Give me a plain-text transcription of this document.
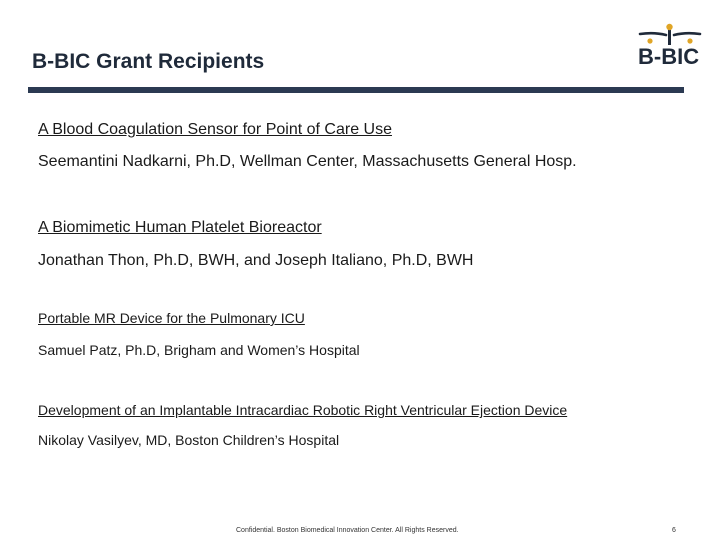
B-BIC Grant Recipients	B-BIC
A Blood Coagulation Sensor for Point of Care Use
Seemantini Nadkarni, Ph.D, Wellman Center, Massachusetts General Hosp.
A Biomimetic Human Platelet Bioreactor
Jonathan Thon, Ph.D, BWH, and Joseph Italiano, Ph.D, BWH
Portable MR Device for the Pulmonary ICU
Samuel Patz, Ph.D, Brigham and Women’s Hospital
Development of an Implantable Intracardiac Robotic Right Ventricular Ejection Device
Nikolay Vasilyev, MD, Boston Children’s Hospital
Confidential. Boston Biomedical Innovation Center. All Rights Reserved.	6
